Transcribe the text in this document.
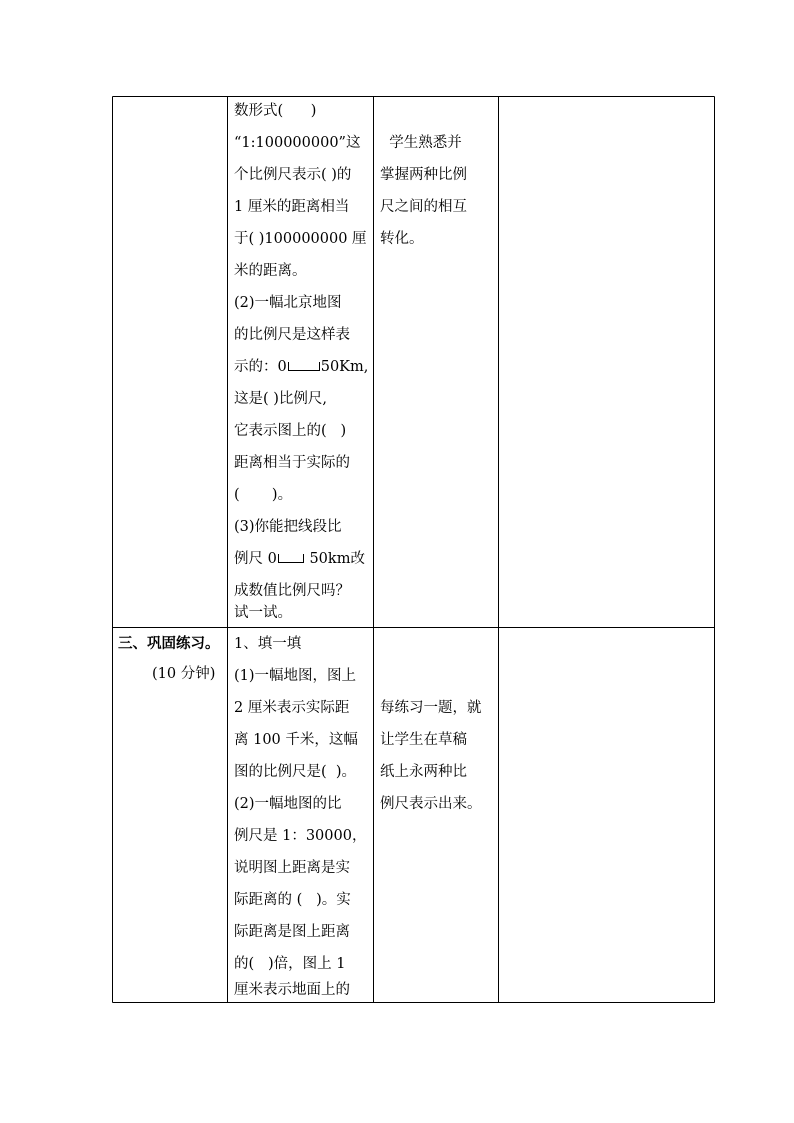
数形式(      )
“1:100000000”这
个比例尺表示( )的
1 厘米的距离相当
于( )100000000 厘
米的距离。
(2)一幅北京地图
的比例尺是这样表
示的：0 50Km,
这是( )比例尺,
它表示图上的(   )
距离相当于实际的
(       )。
(3)你能把线段比
例尺 0 50km改
成数值比例尺吗？
试一试。
学生熟悉并
掌握两种比例
尺之间的相互
转化。
三、巩固练习。
(10 分钟)
1、填一填
(1)一幅地图，图上
2 厘米表示实际距
离 100 千米，这幅
图的比例尺是(  )。
(2)一幅地图的比
例尺是 1：30000，
说明图上距离是实
际距离的 (   )。实
际距离是图上距离
的(   )倍，图上 1
厘米表示地面上的
每练习一题，就
让学生在草稿
纸上永两种比
例尺表示出来。
